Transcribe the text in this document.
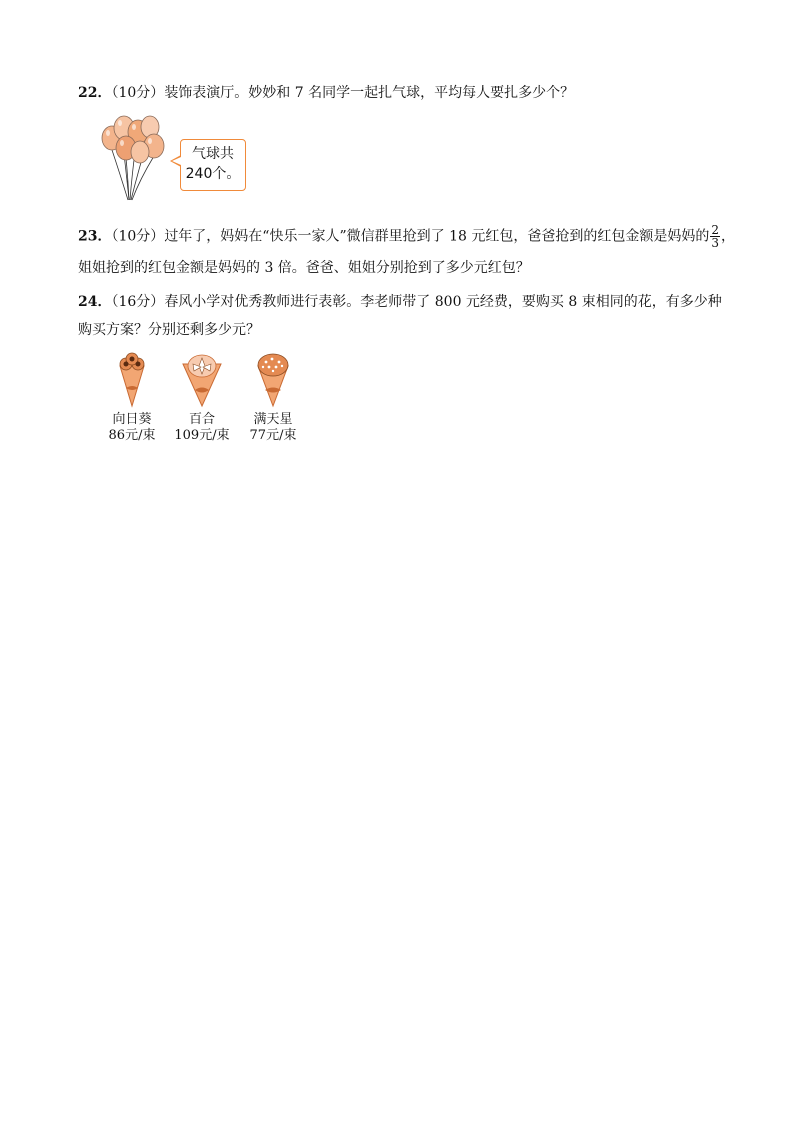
22．（10分）装饰表演厅。妙妙和 7 名同学一起扎气球，平均每人要扎多少个？
气球共
240个。
23．（10分）过年了，妈妈在“快乐一家人”微信群里抢到了 18 元红包，爸爸抢到的红包金额是妈妈的 $\frac{2}{3}$ ，
姐姐抢到的红包金额是妈妈的 3 倍。爸爸、姐姐分别抢到了多少元红包？
24．（16分）春风小学对优秀教师进行表彰。李老师带了 800 元经费，要购买 8 束相同的花，有多少种
购买方案？分别还剩多少元？
向日葵
86元/束
百合
109元/束
满天星
77元/束
